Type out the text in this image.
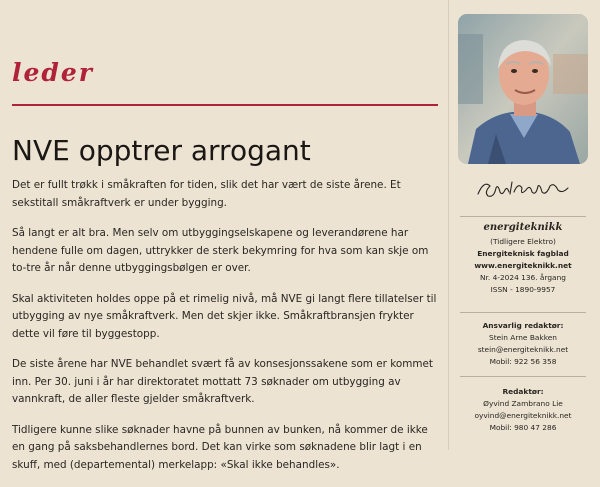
leder
NVE opptrer arrogant

Det er fullt trøkk i småkraften for tiden, slik det har vært de siste årene. Et sekstitall småkraftverk er under bygging.

Så langt er alt bra. Men selv om utbyggingselskapene og leverandørene har hendene fulle om dagen, uttrykker de sterk bekymring for hva som kan skje om to-tre år når denne utbyggingsbølgen er over.

Skal aktiviteten holdes oppe på et rimelig nivå, må NVE gi langt flere tillatelser til utbygging av nye småkraftverk. Men det skjer ikke. Småkraftbransjen frykter dette vil føre til byggestopp.

De siste årene har NVE behandlet svært få av konsesjonssakene som er kommet inn. Per 30. juni i år har direktoratet mottatt 73 søknader om utbygging av vannkraft, de aller fleste gjelder småkraftverk.

Tidligere kunne slike søknader havne på bunnen av bunken, nå kommer de ikke en gang på saksbehandlernes bord. Det kan virke som søknadene blir lagt i en skuff, med (departemental) merkelapp: «Skal ikke behandles».

energiteknikk
(Tidligere Elektro)
Energiteknisk fagblad
www.energiteknikk.net
Nr. 4-2024 136. årgang
ISSN - 1890-9957
Ansvarlig redaktør:
Stein Arne Bakken
stein@energiteknikk.net
Mobil: 922 56 358
Redaktør:
Øyvind Zambrano Lie
oyvind@energiteknikk.net
Mobil: 980 47 286
